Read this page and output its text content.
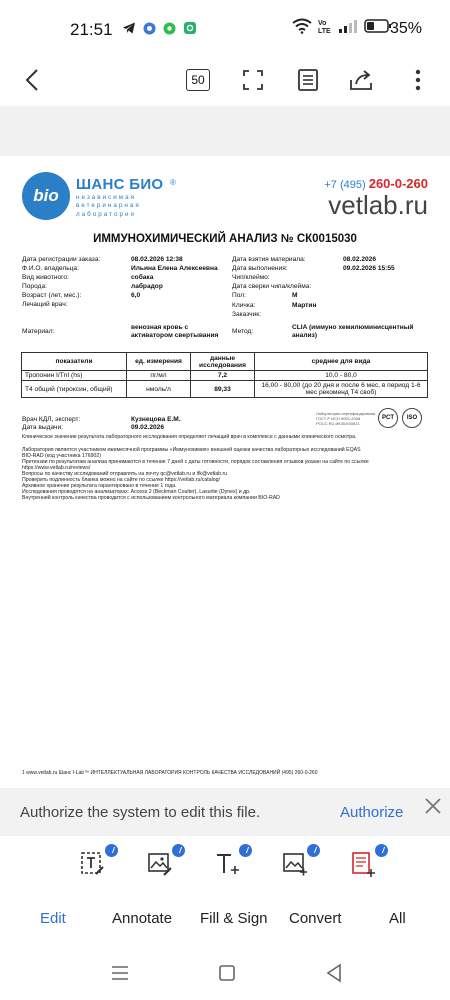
21:51	Vo
LTE	35%
50
bio
ШАНС БИО ®
независимая
ветеринарная
лаборатория
+7 (495) 260-0-260
vetlab.ru
ИММУНОХИМИЧЕСКИЙ АНАЛИЗ № СК0015030
Дата регистрации заказа:	08.02.2026 12:38
Ф.И.О. владельца:	Ильина Елена Алексеевна
Вид животного:	собака
Порода:	лабрадор
Возраст (лет, мес.):	6,0
Лечащий врач:
Дата взятия материала:	08.02.2026
Дата выполнения:	09.02.2026 15:55
Чип/клеймо:
Дата сверки чипа/клейма:
Пол:	М
Кличка:	Мартин
Заказчик:
Материал:
венозная кровь с активатором свертывания
Метод:
CLIA (иммуно хемилюминисцентный анализ)
показатели	ед. измерения	данные исследования	среднее для вида
Тропонин I/TnI (hs)	пг/мл	7,2	10,0 - 80,0
T4 общий (тироксин, общий)	нмоль/л	89,33	16,00 - 80,00 (до 20 дня и после 6 мес, в период 1-6 мес рекоменд T4 своб)
Врач КДЛ, эксперт:	Кузнецова Е.М.
Дата выдачи:	09.02.2026
Лаборатория сертифицирована
ГОСТ Р ИСО 9001-2008
РОСС RU.ИК35.К00021
PCT	ISO
Клиническое значение результата лабораторного исследования определяет лечащий врач в комплексе с данными клинического осмотра.
Лаборатория является участником ежемесячной программы «Иммунохимия» внешней оценки качества лабораторных исследований EQAS
BIO-RAD (код участника 176902)
Претензии по результатам анализа принимаются в течение 7 дней с даты готовности, порядок составления отзывов указан на сайте по ссылке
https://www.vetlab.ru/reviews/
Вопросы по качеству исследований отправлять на почту qc@vetlab.ru и ifk@vetlab.ru
Проверить подлинность бланка можно на сайте по ссылке https://vetlab.ru/catalog/
Архивное хранение результата гарантировано в течение 1 года.
Исследования проводятся на анализаторах: Access 2 (Beckman Coulter), Lasurite (Dynex) и др.
Внутренний контроль качества проводится с использованием контрольного материала компании BIO-RAD
1 www.vetlab.ru Шанс I-Lab™ ИНТЕЛЛЕКТУАЛЬНАЯ ЛАБОРАТОРИЯ КОНТРОЛЬ КАЧЕСТВА ИССЛЕДОВАНИЙ (495) 260-0-260
Authorize the system to edit this file.	Authorize
Edit	Annotate Fill & Sign Convert	All
